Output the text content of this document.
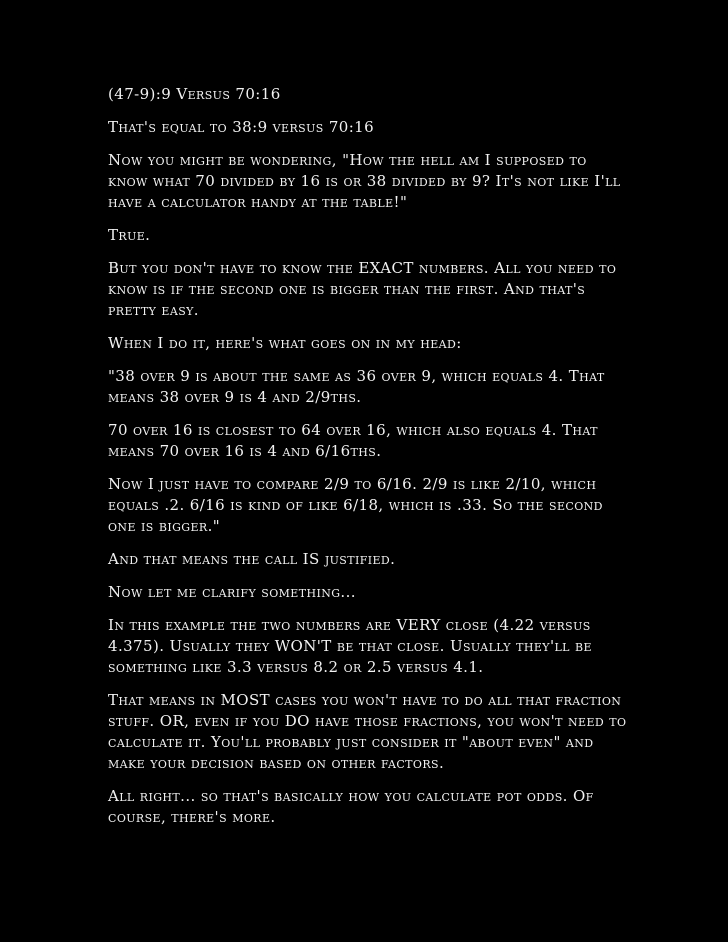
(47-9):9 Versus 70:16

That's equal to 38:9 versus 70:16

Now you might be wondering, "How the hell am I supposed to know what 70 divided by 16 is or 38 divided by 9? It's not like I'll have a calculator handy at the table!"

True.

But you don't have to know the EXACT numbers. All you need to know is if the second one is bigger than the first. And that's pretty easy.

When I do it, here's what goes on in my head:

"38 over 9 is about the same as 36 over 9, which equals 4. That means 38 over 9 is 4 and 2/9ths.

70 over 16 is closest to 64 over 16, which also equals 4. That means 70 over 16 is 4 and 6/16ths.

Now I just have to compare 2/9 to 6/16. 2/9 is like 2/10, which equals .2. 6/16 is kind of like 6/18, which is .33. So the second one is bigger."

And that means the call IS justified.

Now let me clarify something...

In this example the two numbers are VERY close (4.22 versus 4.375). Usually they WON'T be that close. Usually they'll be something like 3.3 versus 8.2 or 2.5 versus 4.1.

That means in MOST cases you won't have to do all that fraction stuff. OR, even if you DO have those fractions, you won't need to calculate it. You'll probably just consider it "about even" and make your decision based on other factors.

All right... so that's basically how you calculate pot odds. Of course, there's more.
